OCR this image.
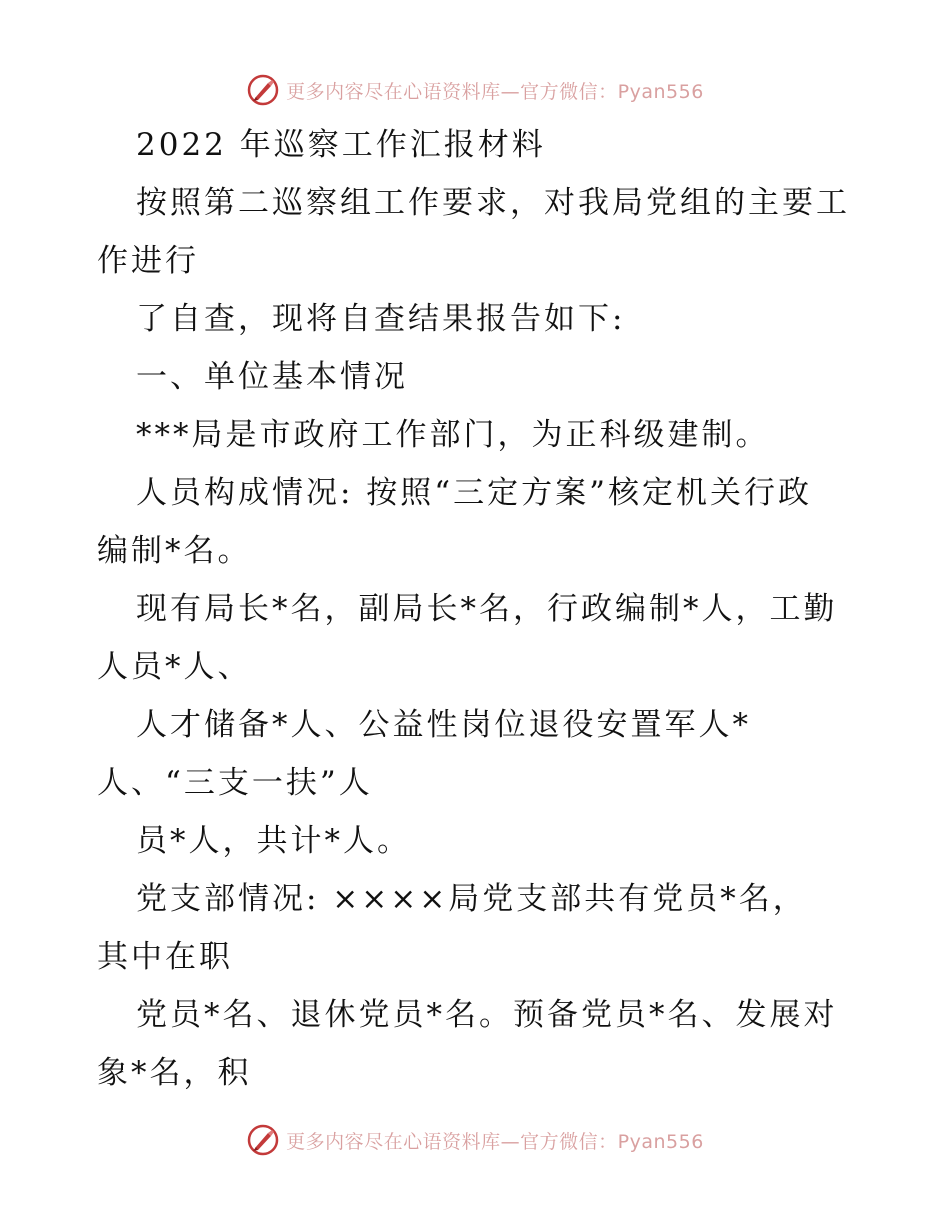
更多内容尽在心语资料库—官方微信：Pyan556
2022 年巡察工作汇报材料
按照第二巡察组工作要求，对我局党组的主要工
作进行
了自查，现将自查结果报告如下:
一、单位基本情况
***局是市政府工作部门，为正科级建制。
人员构成情况: 按照“三定方案”核定机关行政
编制*名。
现有局长*名，副局长*名，行政编制*人，工勤
人员*人、
人才储备*人、公益性岗位退役安置军人*
人、“三支一扶”人
员*人，共计*人。
党支部情况: ××××局党支部共有党员*名，
其中在职
党员*名、退休党员*名。预备党员*名、发展对
象*名，积
更多内容尽在心语资料库—官方微信：Pyan556
